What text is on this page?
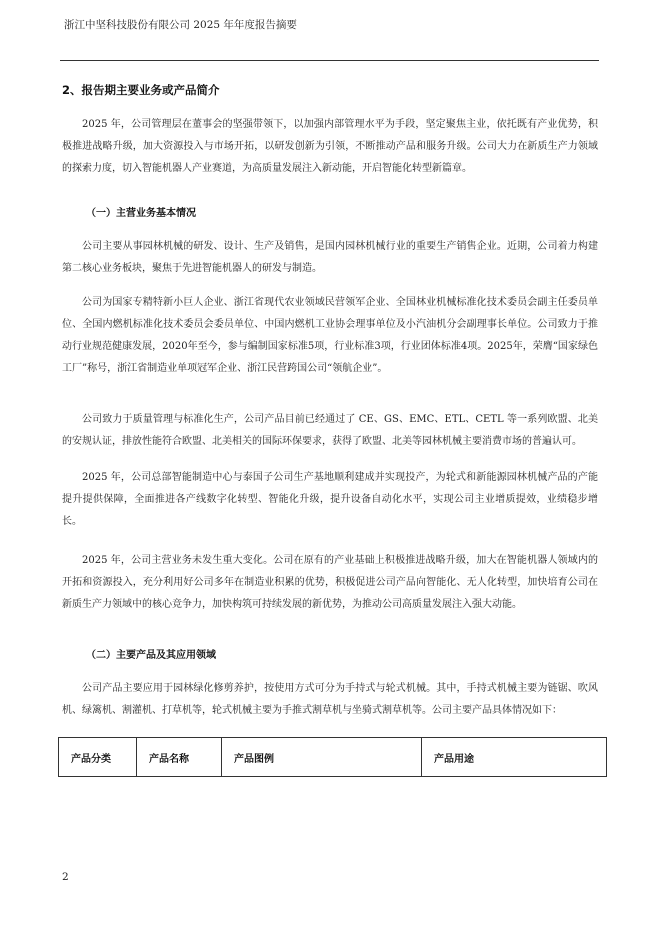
浙江中坚科技股份有限公司 2025 年年度报告摘要
2、报告期主要业务或产品简介
2025 年，公司管理层在董事会的坚强带领下，以加强内部管理水平为手段，坚定聚焦主业，依托既有产业优势，积极推进战略升级，加大资源投入与市场开拓，以研发创新为引领，不断推动产品和服务升级。公司大力在新质生产力领域的探索力度，切入智能机器人产业赛道，为高质量发展注入新动能，开启智能化转型新篇章。
（一）主营业务基本情况
公司主要从事园林机械的研发、设计、生产及销售，是国内园林机械行业的重要生产销售企业。近期，公司着力构建第二核心业务板块，聚焦于先进智能机器人的研发与制造。
公司为国家专精特新小巨人企业、浙江省现代农业领域民营领军企业、全国林业机械标准化技术委员会副主任委员单位、全国内燃机标准化技术委员会委员单位、中国内燃机工业协会理事单位及小汽油机分会副理事长单位。公司致力于推动行业规范健康发展，2020年至今，参与编制国家标准5项，行业标准3项，行业团体标准4项。2025年，荣膺“国家绿色工厂”称号，浙江省制造业单项冠军企业、浙江民营跨国公司“领航企业”。
公司致力于质量管理与标准化生产，公司产品目前已经通过了 CE、GS、EMC、ETL、CETL 等一系列欧盟、北美的安规认证，排放性能符合欧盟、北美相关的国际环保要求，获得了欧盟、北美等园林机械主要消费市场的普遍认可。
2025 年，公司总部智能制造中心与泰国子公司生产基地顺利建成并实现投产，为轮式和新能源园林机械产品的产能提升提供保障，全面推进各产线数字化转型、智能化升级，提升设备自动化水平，实现公司主业增质提效，业绩稳步增长。
2025 年，公司主营业务未发生重大变化。公司在原有的产业基础上积极推进战略升级，加大在智能机器人领域内的开拓和资源投入，充分利用好公司多年在制造业积累的优势，积极促进公司产品向智能化、无人化转型，加快培育公司在新质生产力领域中的核心竞争力，加快构筑可持续发展的新优势，为推动公司高质量发展注入强大动能。
（二）主要产品及其应用领域
公司产品主要应用于园林绿化修剪养护，按使用方式可分为手持式与轮式机械。其中，手持式机械主要为链锯、吹风机、绿篱机、割灌机、打草机等，轮式机械主要为手推式割草机与坐骑式割草机等。公司主要产品具体情况如下：
产品分类	产品名称	产品图例	产品用途
2
